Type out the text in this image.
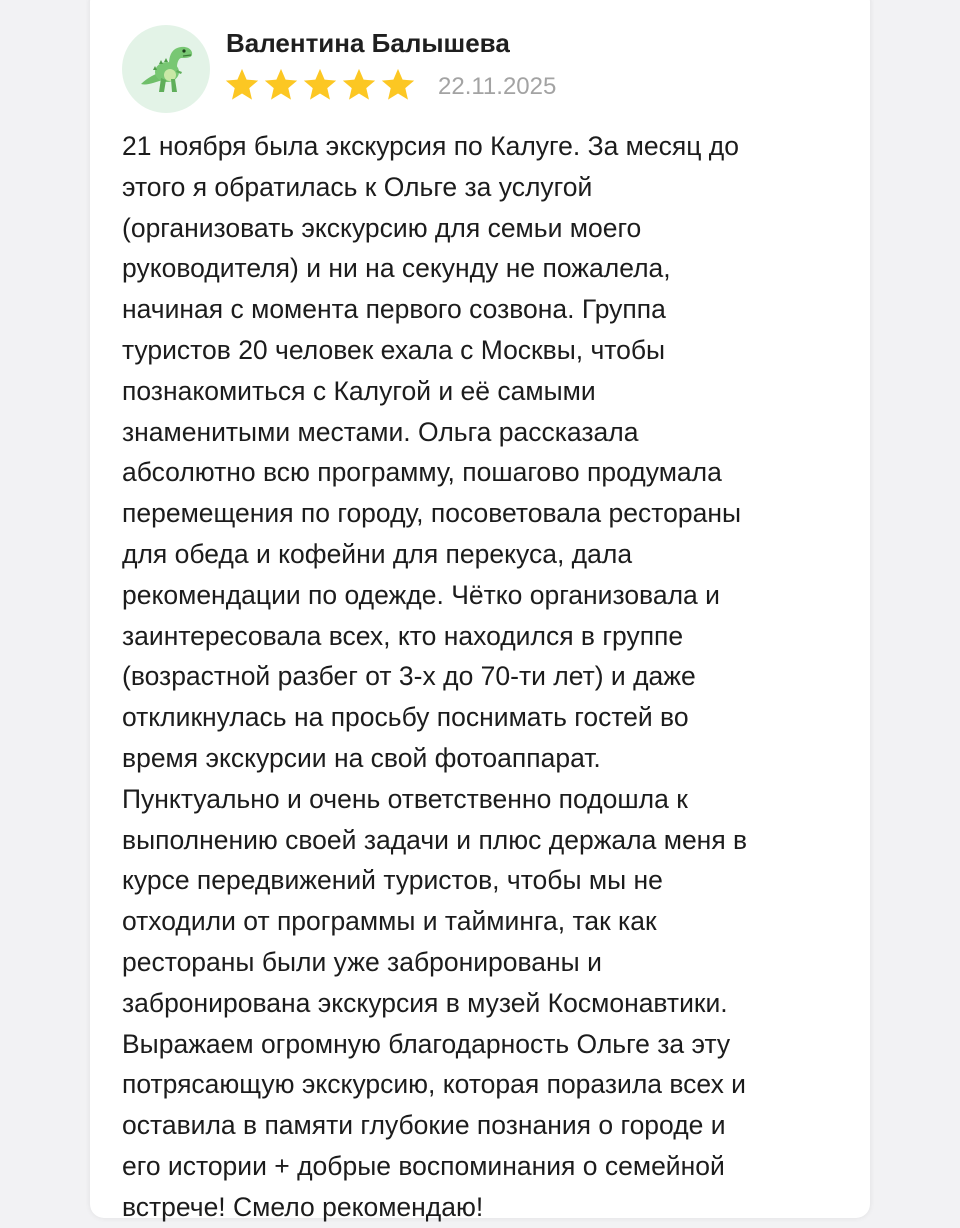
Валентина Балышева
22.11.2025

21 ноября была экскурсия по Калуге. За месяц до
этого я обратилась к Ольге за услугой
(организовать экскурсию для семьи моего
руководителя) и ни на секунду не пожалела,
начиная с момента первого созвона. Группа
туристов 20 человек ехала с Москвы, чтобы
познакомиться с Калугой и её самыми
знаменитыми местами. Ольга рассказала
абсолютно всю программу, пошагово продумала
перемещения по городу, посоветовала рестораны
для обеда и кофейни для перекуса, дала
рекомендации по одежде. Чётко организовала и
заинтересовала всех, кто находился в группе
(возрастной разбег от 3-х до 70-ти лет) и даже
откликнулась на просьбу поснимать гостей во
время экскурсии на свой фотоаппарат.
Пунктуально и очень ответственно подошла к
выполнению своей задачи и плюс держала меня в
курсе передвижений туристов, чтобы мы не
отходили от программы и тайминга, так как
рестораны были уже забронированы и
забронирована экскурсия в музей Космонавтики.
Выражаем огромную благодарность Ольге за эту
потрясающую экскурсию, которая поразила всех и
оставила в памяти глубокие познания о городе и
его истории + добрые воспоминания о семейной
встрече! Смело рекомендаю!
